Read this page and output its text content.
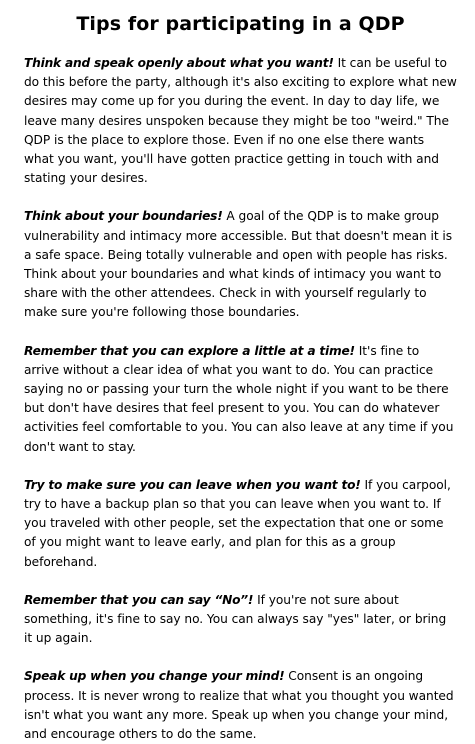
Tips for participating in a QDP

Think and speak openly about what you want! It can be useful to do this before the party, although it's also exciting to explore what new desires may come up for you during the event. In day to day life, we leave many desires unspoken because they might be too "weird." The QDP is the place to explore those. Even if no one else there wants what you want, you'll have gotten practice getting in touch with and stating your desires.

Think about your boundaries! A goal of the QDP is to make group vulnerability and intimacy more accessible. But that doesn't mean it is a safe space. Being totally vulnerable and open with people has risks. Think about your boundaries and what kinds of intimacy you want to share with the other attendees. Check in with yourself regularly to make sure you're following those boundaries.

Remember that you can explore a little at a time! It's fine to arrive without a clear idea of what you want to do. You can practice saying no or passing your turn the whole night if you want to be there but don't have desires that feel present to you. You can do whatever activities feel comfortable to you. You can also leave at any time if you don't want to stay.

Try to make sure you can leave when you want to! If you carpool, try to have a backup plan so that you can leave when you want to. If you traveled with other people, set the expectation that one or some of you might want to leave early, and plan for this as a group beforehand.

Remember that you can say “No”! If you're not sure about something, it's fine to say no. You can always say "yes" later, or bring it up again.

Speak up when you change your mind! Consent is an ongoing process. It is never wrong to realize that what you thought you wanted isn't what you want any more. Speak up when you change your mind, and encourage others to do the same.
